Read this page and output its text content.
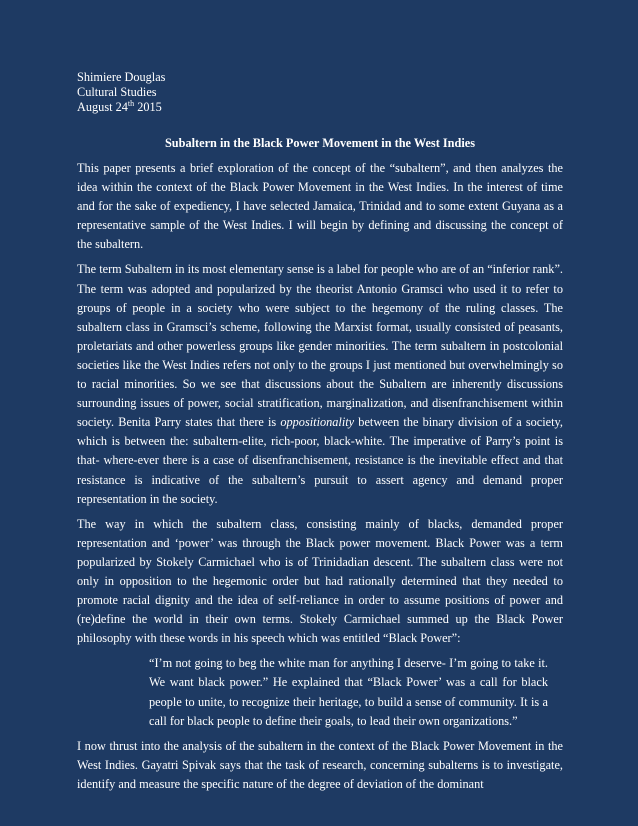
Shimiere Douglas

Cultural Studies

August 24th 2015

Subaltern in the Black Power Movement in the West Indies

This paper presents a brief exploration of the concept of the “subaltern”, and then analyzes the idea within the context of the Black Power Movement in the West Indies. In the interest of time and for the sake of expediency, I have selected Jamaica, Trinidad and to some extent Guyana as a representative sample of the West Indies. I will begin by defining and discussing the concept of the subaltern.

The term Subaltern in its most elementary sense is a label for people who are of an “inferior rank”. The term was adopted and popularized by the theorist Antonio Gramsci who used it to refer to groups of people in a society who were subject to the hegemony of the ruling classes. The subaltern class in Gramsci’s scheme, following the Marxist format, usually consisted of peasants, proletariats and other powerless groups like gender minorities. The term subaltern in postcolonial societies like the West Indies refers not only to the groups I just mentioned but overwhelmingly so to racial minorities. So we see that discussions about the Subaltern are inherently discussions surrounding issues of power, social stratification, marginalization, and disenfranchisement within society. Benita Parry states that there is oppositionality between the binary division of a society, which is between the: subaltern-elite, rich-poor, black-white. The imperative of Parry’s point is that- where-ever there is a case of disenfranchisement, resistance is the inevitable effect and that resistance is indicative of the subaltern’s pursuit to assert agency and demand proper representation in the society.

The way in which the subaltern class, consisting mainly of blacks, demanded proper representation and ‘power’ was through the Black power movement. Black Power was a term popularized by Stokely Carmichael who is of Trinidadian descent. The subaltern class were not only in opposition to the hegemonic order but had rationally determined that they needed to promote racial dignity and the idea of self-reliance in order to assume positions of power and (re)define the world in their own terms. Stokely Carmichael summed up the Black Power philosophy with these words in his speech which was entitled “Black Power”:

“I’m not going to beg the white man for anything I deserve- I’m going to take it. We want black power.” He explained that “Black Power’ was a call for black people to unite, to recognize their heritage, to build a sense of community. It is a call for black people to define their goals, to lead their own organizations.”

I now thrust into the analysis of the subaltern in the context of the Black Power Movement in the West Indies. Gayatri Spivak says that the task of research, concerning subalterns is to investigate, identify and measure the specific nature of the degree of deviation of the dominant
